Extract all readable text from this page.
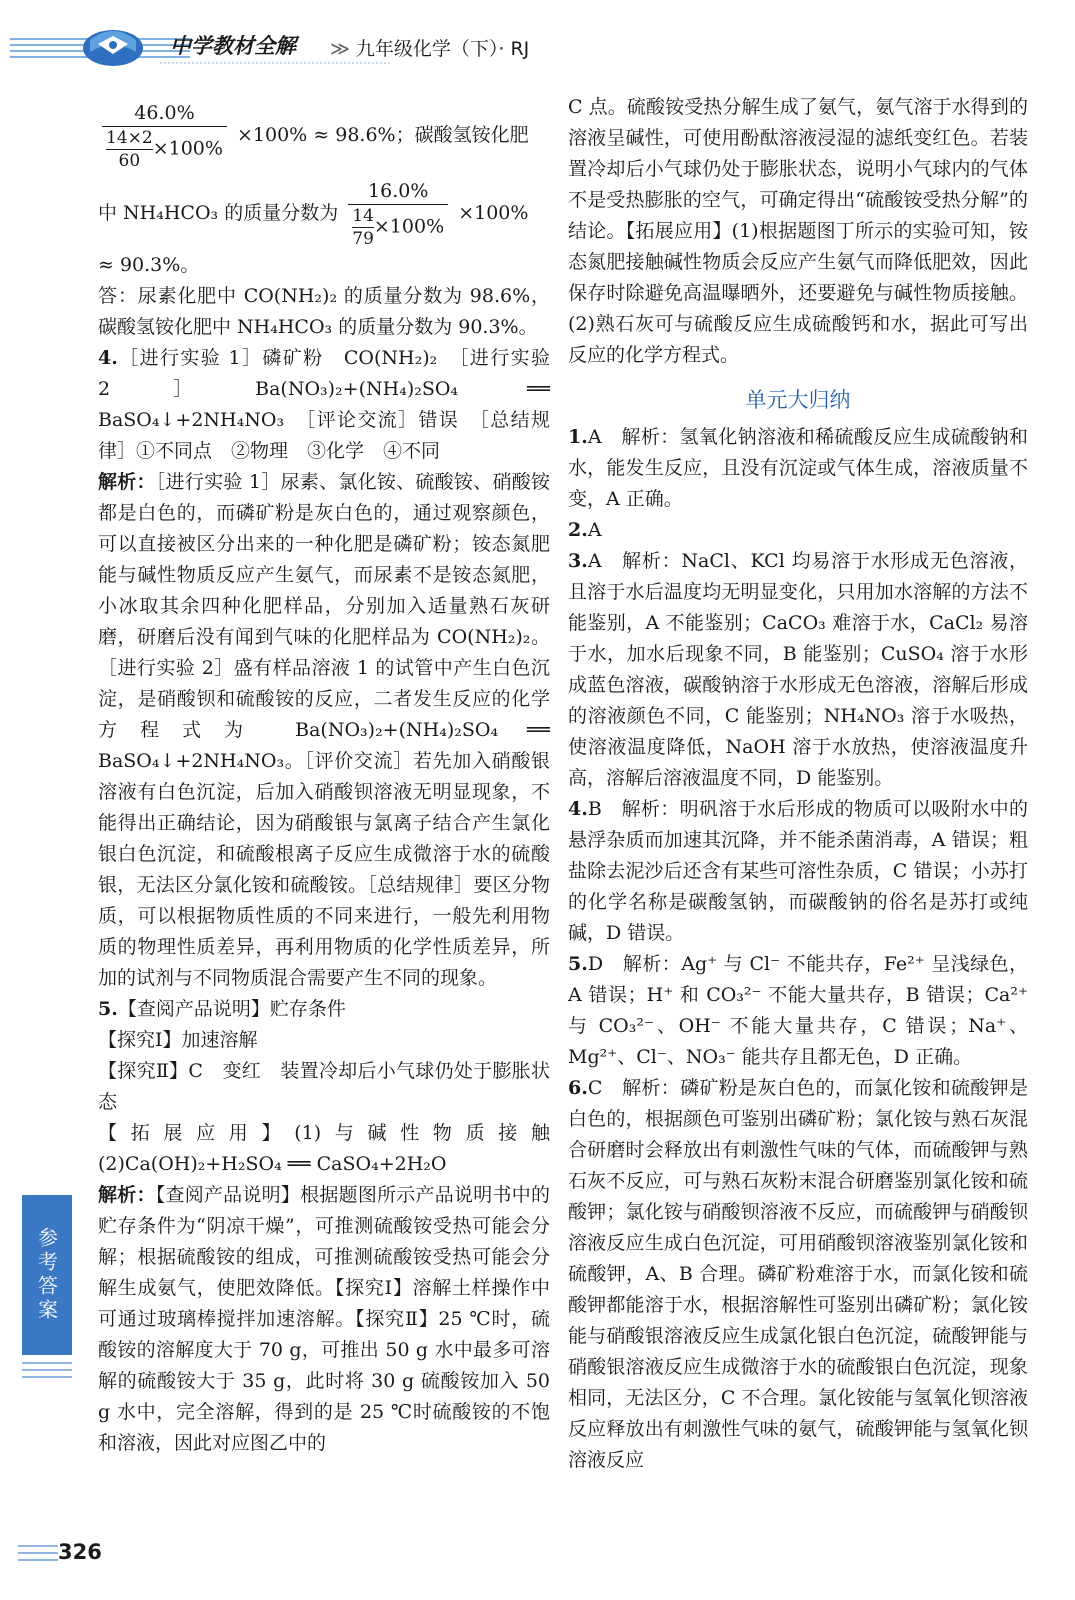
中学教材全解 ≫ 九年级化学（下）· RJ

$\frac{46.0\%}{\frac{14\times 2}{60} \times 100\%} \times 100\% \approx 98.6\%$；碳酸氢铵化肥

中 NH₄HCO₃ 的质量分数为 $\frac{16.0\%}{\frac{14}{79} \times 100\%} \times 100\%$

≈ 90.3%。

答：尿素化肥中 CO(NH₂)₂ 的质量分数为 98.6%，碳酸氢铵化肥中 NH₄HCO₃ 的质量分数为 90.3%。

4.［进行实验 1］磷矿粉　CO(NH₂)₂　［进行实验 2］Ba(NO₃)₂+(NH₄)₂SO₄ ══ BaSO₄↓+2NH₄NO₃　［评论交流］错误　［总结规律］①不同点　②物理　③化学　④不同

解析：［进行实验 1］尿素、氯化铵、硫酸铵、硝酸铵都是白色的，而磷矿粉是灰白色的，通过观察颜色，可以直接被区分出来的一种化肥是磷矿粉；铵态氮肥能与碱性物质反应产生氨气，而尿素不是铵态氮肥，小冰取其余四种化肥样品，分别加入适量熟石灰研磨，研磨后没有闻到气味的化肥样品为 CO(NH₂)₂。［进行实验 2］盛有样品溶液 1 的试管中产生白色沉淀，是硝酸钡和硫酸铵的反应，二者发生反应的化学方程式为 Ba(NO₃)₂+(NH₄)₂SO₄ ══ BaSO₄↓+2NH₄NO₃。［评价交流］若先加入硝酸银溶液有白色沉淀，后加入硝酸钡溶液无明显现象，不能得出正确结论，因为硝酸银与氯离子结合产生氯化银白色沉淀，和硫酸根离子反应生成微溶于水的硫酸银，无法区分氯化铵和硫酸铵。［总结规律］要区分物质，可以根据物质性质的不同来进行，一般先利用物质的物理性质差异，再利用物质的化学性质差异，所加的试剂与不同物质混合需要产生不同的现象。

5.【查阅产品说明】贮存条件

【探究Ⅰ】加速溶解

【探究Ⅱ】C　变红　装置冷却后小气球仍处于膨胀状态

【拓展应用】(1)与碱性物质接触　(2)Ca(OH)₂+H₂SO₄ ══ CaSO₄+2H₂O

解析：【查阅产品说明】根据题图所示产品说明书中的贮存条件为“阴凉干燥”，可推测硫酸铵受热可能会分解；根据硫酸铵的组成，可推测硫酸铵受热可能会分解生成氨气，使肥效降低。【探究Ⅰ】溶解土样操作中可通过玻璃棒搅拌加速溶解。【探究Ⅱ】25 ℃时，硫酸铵的溶解度大于 70 g，可推出 50 g 水中最多可溶解的硫酸铵大于 35 g，此时将 30 g 硫酸铵加入 50 g 水中，完全溶解，得到的是 25 ℃时硫酸铵的不饱和溶液，因此对应图乙中的

C 点。硫酸铵受热分解生成了氨气，氨气溶于水得到的溶液呈碱性，可使用酚酞溶液浸湿的滤纸变红色。若装置冷却后小气球仍处于膨胀状态，说明小气球内的气体不是受热膨胀的空气，可确定得出“硫酸铵受热分解”的结论。【拓展应用】(1)根据题图丁所示的实验可知，铵态氮肥接触碱性物质会反应产生氨气而降低肥效，因此保存时除避免高温曝晒外，还要避免与碱性物质接触。(2)熟石灰可与硫酸反应生成硫酸钙和水，据此可写出反应的化学方程式。

单元大归纳

1.A　解析：氢氧化钠溶液和稀硫酸反应生成硫酸钠和水，能发生反应，且没有沉淀或气体生成，溶液质量不变，A 正确。

2.A

3.A　解析：NaCl、KCl 均易溶于水形成无色溶液，且溶于水后温度均无明显变化，只用加水溶解的方法不能鉴别，A 不能鉴别；CaCO₃ 难溶于水，CaCl₂ 易溶于水，加水后现象不同，B 能鉴别；CuSO₄ 溶于水形成蓝色溶液，碳酸钠溶于水形成无色溶液，溶解后形成的溶液颜色不同，C 能鉴别；NH₄NO₃ 溶于水吸热，使溶液温度降低，NaOH 溶于水放热，使溶液温度升高，溶解后溶液温度不同，D 能鉴别。

4.B　解析：明矾溶于水后形成的物质可以吸附水中的悬浮杂质而加速其沉降，并不能杀菌消毒，A 错误；粗盐除去泥沙后还含有某些可溶性杂质，C 错误；小苏打的化学名称是碳酸氢钠，而碳酸钠的俗名是苏打或纯碱，D 错误。

5.D　解析：Ag⁺ 与 Cl⁻ 不能共存，Fe²⁺ 呈浅绿色，A 错误；H⁺ 和 CO₃²⁻ 不能大量共存，B 错误；Ca²⁺ 与 CO₃²⁻、OH⁻ 不能大量共存，C 错误；Na⁺、Mg²⁺、Cl⁻、NO₃⁻ 能共存且都无色，D 正确。

6.C　解析：磷矿粉是灰白色的，而氯化铵和硫酸钾是白色的，根据颜色可鉴别出磷矿粉；氯化铵与熟石灰混合研磨时会释放出有刺激性气味的气体，而硫酸钾与熟石灰不反应，可与熟石灰粉末混合研磨鉴别氯化铵和硫酸钾；氯化铵与硝酸钡溶液不反应，而硫酸钾与硝酸钡溶液反应生成白色沉淀，可用硝酸钡溶液鉴别氯化铵和硫酸钾，A、B 合理。磷矿粉难溶于水，而氯化铵和硫酸钾都能溶于水，根据溶解性可鉴别出磷矿粉；氯化铵能与硝酸银溶液反应生成氯化银白色沉淀，硫酸钾能与硝酸银溶液反应生成微溶于水的硫酸银白色沉淀，现象相同，无法区分，C 不合理。氯化铵能与氢氧化钡溶液反应释放出有刺激性气味的氨气，硫酸钾能与氢氧化钡溶液反应

参考答案
326
